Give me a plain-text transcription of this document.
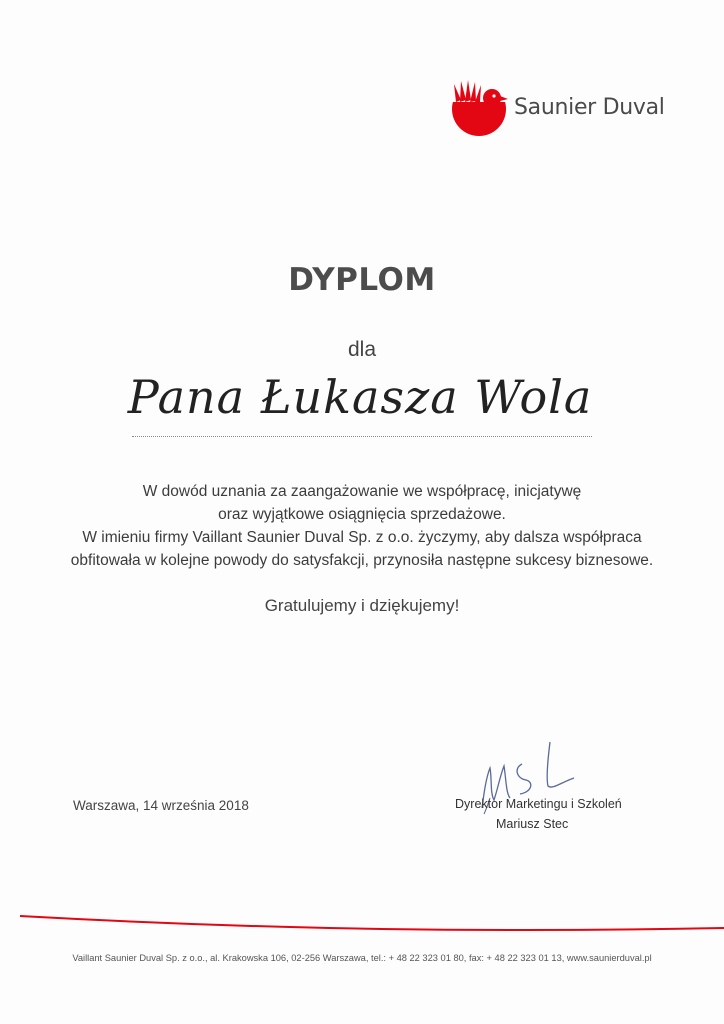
Saunier Duval
DYPLOM
dla
Pana Łukasza Wola
W dowód uznania za zaangażowanie we współpracę, inicjatywę
oraz wyjątkowe osiągnięcia sprzedażowe.
W imieniu firmy Vaillant Saunier Duval Sp. z o.o. życzymy, aby dalsza współpraca
obfitowała w kolejne powody do satysfakcji, przynosiła następne sukcesy biznesowe.
Gratulujemy i dziękujemy!
Warszawa, 14 września 2018	Dyrektor Marketingu i Szkoleń
Mariusz Stec
Vaillant Saunier Duval Sp. z o.o., al. Krakowska 106, 02-256 Warszawa, tel.: + 48 22 323 01 80, fax: + 48 22 323 01 13, www.saunierduval.pl
